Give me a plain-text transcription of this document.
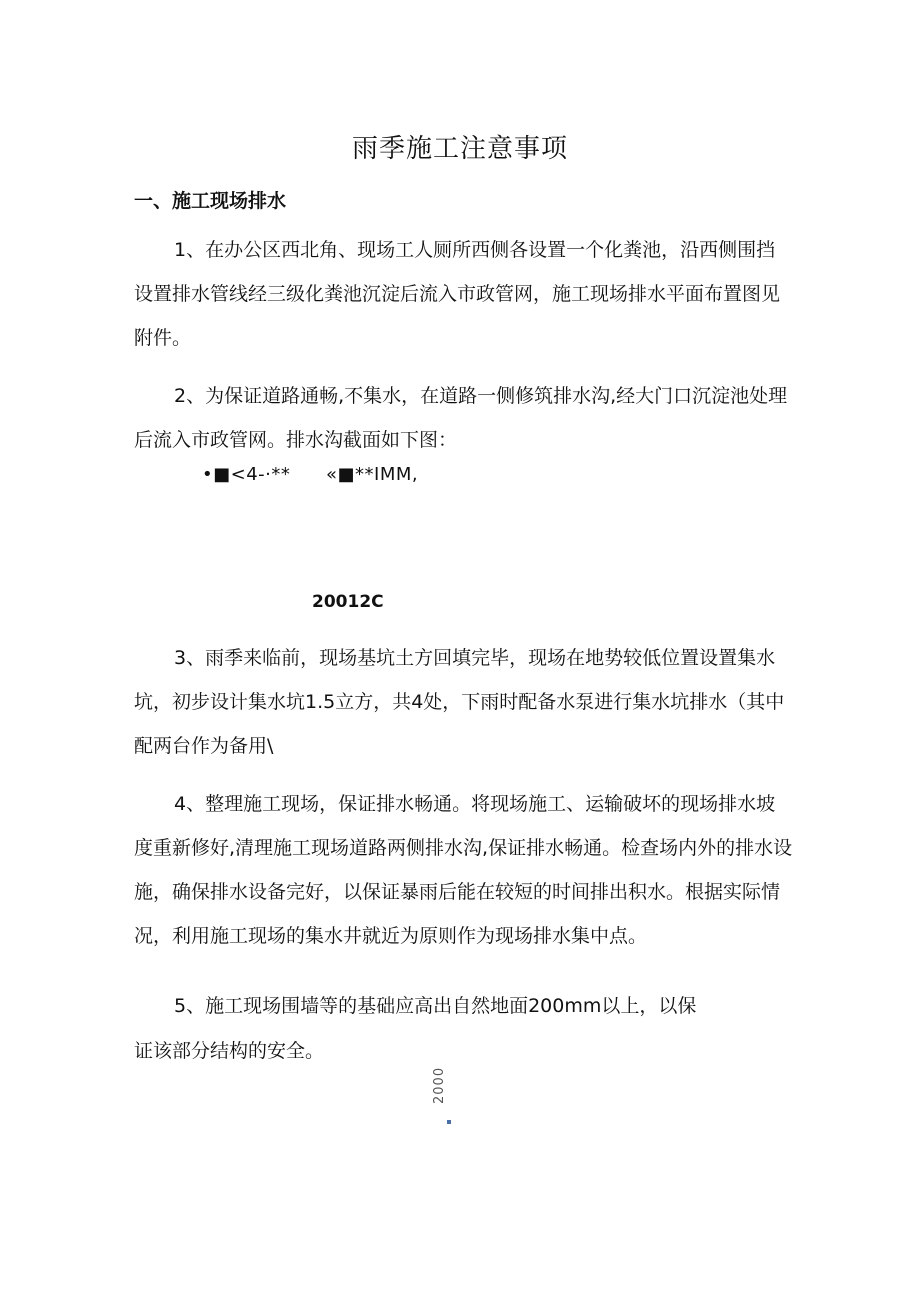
雨季施工注意事项
一、施工现场排水
1、在办公区西北角、现场工人厕所西侧各设置一个化粪池，沿西侧围挡设置排水管线经三级化粪池沉淀后流入市政管网，施工现场排水平面布置图见附件。
2、为保证道路通畅,不集水，在道路一侧修筑排水沟,经大门口沉淀池处理后流入市政管网。排水沟截面如下图：
•■<4-·** «■**IMM,
20012C
3、雨季来临前，现场基坑土方回填完毕，现场在地势较低位置设置集水坑，初步设计集水坑1.5立方，共4处，下雨时配备水泵进行集水坑排水（其中配两台作为备用\
4、整理施工现场，保证排水畅通。将现场施工、运输破坏的现场排水坡度重新修好,清理施工现场道路两侧排水沟,保证排水畅通。检查场内外的排水设施，确保排水设备完好，以保证暴雨后能在较短的时间排出积水。根据实际情况，利用施工现场的集水井就近为原则作为现场排水集中点。
5、施工现场围墙等的基础应高出自然地面200mm以上，以保
证该部分结构的安全。
2000
